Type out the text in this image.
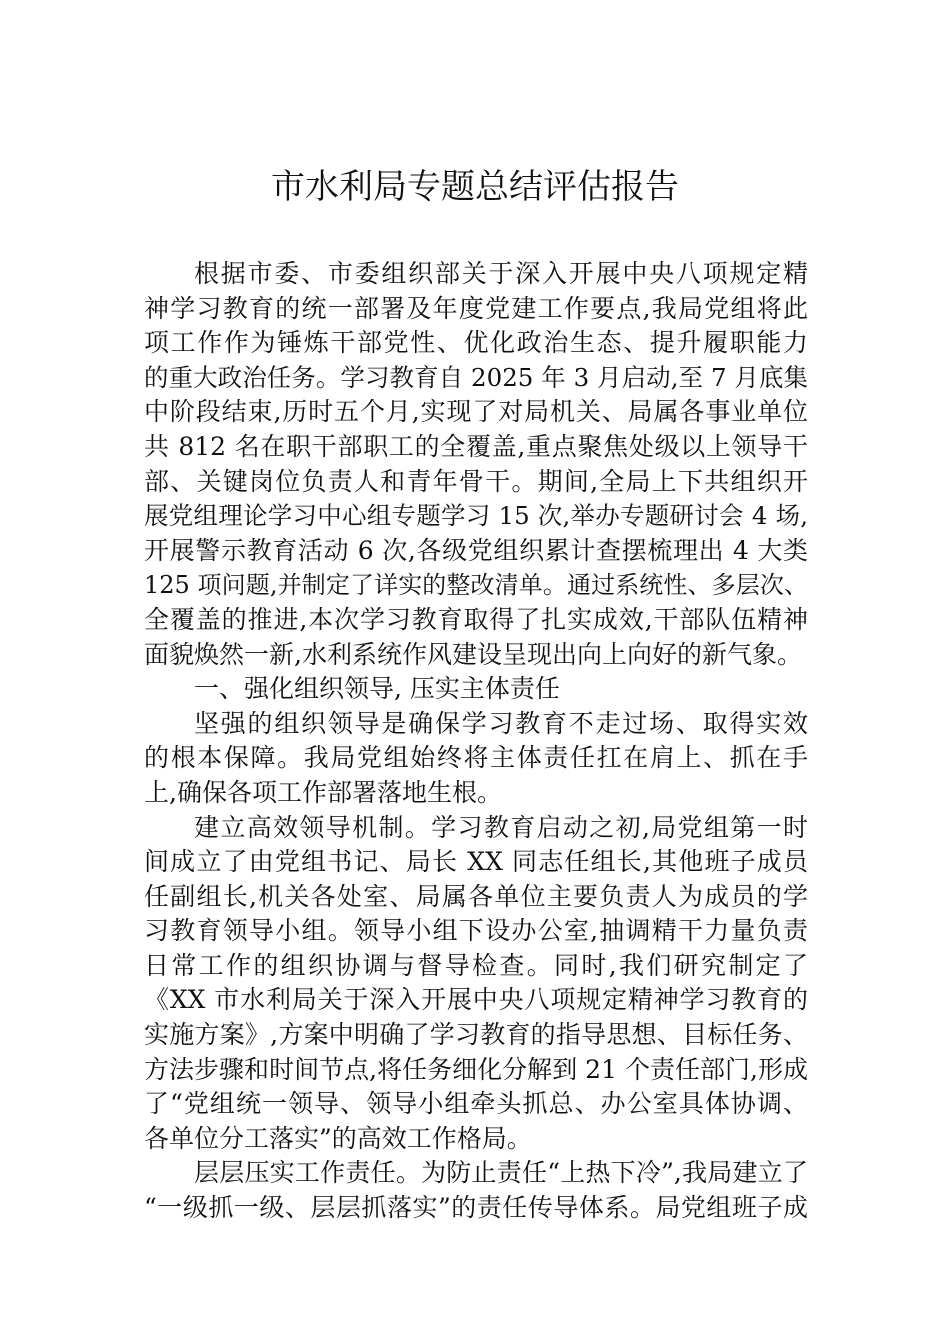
市水利局专题总结评估报告
根据市委、市委组织部关于深入开展中央八项规定精
神学习教育的统一部署及年度党建工作要点,我局党组将此
项工作作为锤炼干部党性、优化政治生态、提升履职能力
的重大政治任务。学习教育自 2025 年 3 月启动,至 7 月底集
中阶段结束,历时五个月,实现了对局机关、局属各事业单位
共 812 名在职干部职工的全覆盖,重点聚焦处级以上领导干
部、关键岗位负责人和青年骨干。期间,全局上下共组织开
展党组理论学习中心组专题学习 15 次,举办专题研讨会 4 场,
开展警示教育活动 6 次,各级党组织累计查摆梳理出 4 大类
125 项问题,并制定了详实的整改清单。通过系统性、多层次、
全覆盖的推进,本次学习教育取得了扎实成效,干部队伍精神
面貌焕然一新,水利系统作风建设呈现出向上向好的新气象。
一、强化组织领导, 压实主体责任
坚强的组织领导是确保学习教育不走过场、取得实效
的根本保障。我局党组始终将主体责任扛在肩上、抓在手
上,确保各项工作部署落地生根。
建立高效领导机制。学习教育启动之初,局党组第一时
间成立了由党组书记、局长 XX 同志任组长,其他班子成员
任副组长,机关各处室、局属各单位主要负责人为成员的学
习教育领导小组。领导小组下设办公室,抽调精干力量负责
日常工作的组织协调与督导检查。同时,我们研究制定了
《XX 市水利局关于深入开展中央八项规定精神学习教育的
实施方案》,方案中明确了学习教育的指导思想、目标任务、
方法步骤和时间节点,将任务细化分解到 21 个责任部门,形成
了“党组统一领导、领导小组牵头抓总、办公室具体协调、
各单位分工落实”的高效工作格局。
层层压实工作责任。为防止责任“上热下冷”,我局建立了
“一级抓一级、层层抓落实”的责任传导体系。局党组班子成
